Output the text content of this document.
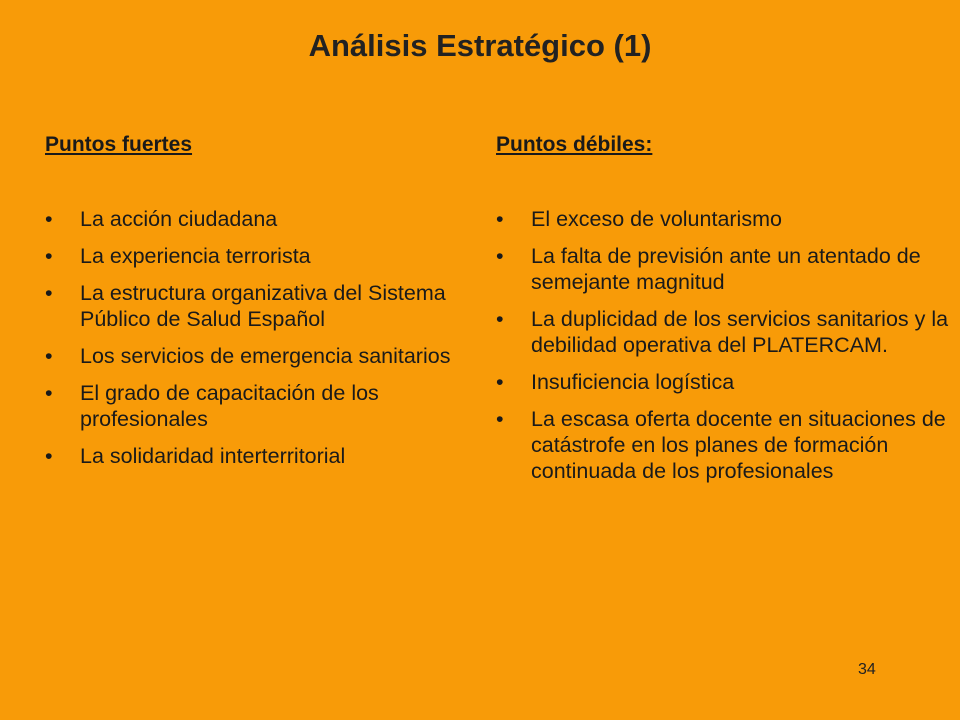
Análisis Estratégico (1)
Puntos fuertes
• La acción ciudadana
• La experiencia terrorista
• La estructura organizativa del Sistema Público de Salud Español
• Los servicios de emergencia sanitarios
• El grado de capacitación de los profesionales
• La solidaridad interterritorial
Puntos débiles:
• El exceso de voluntarismo
• La falta de previsión ante un atentado de semejante magnitud
• La duplicidad de los servicios sanitarios y la debilidad operativa del PLATERCAM.
• Insuficiencia logística
• La escasa oferta docente en situaciones de catástrofe en los planes de formación continuada de los profesionales
34
